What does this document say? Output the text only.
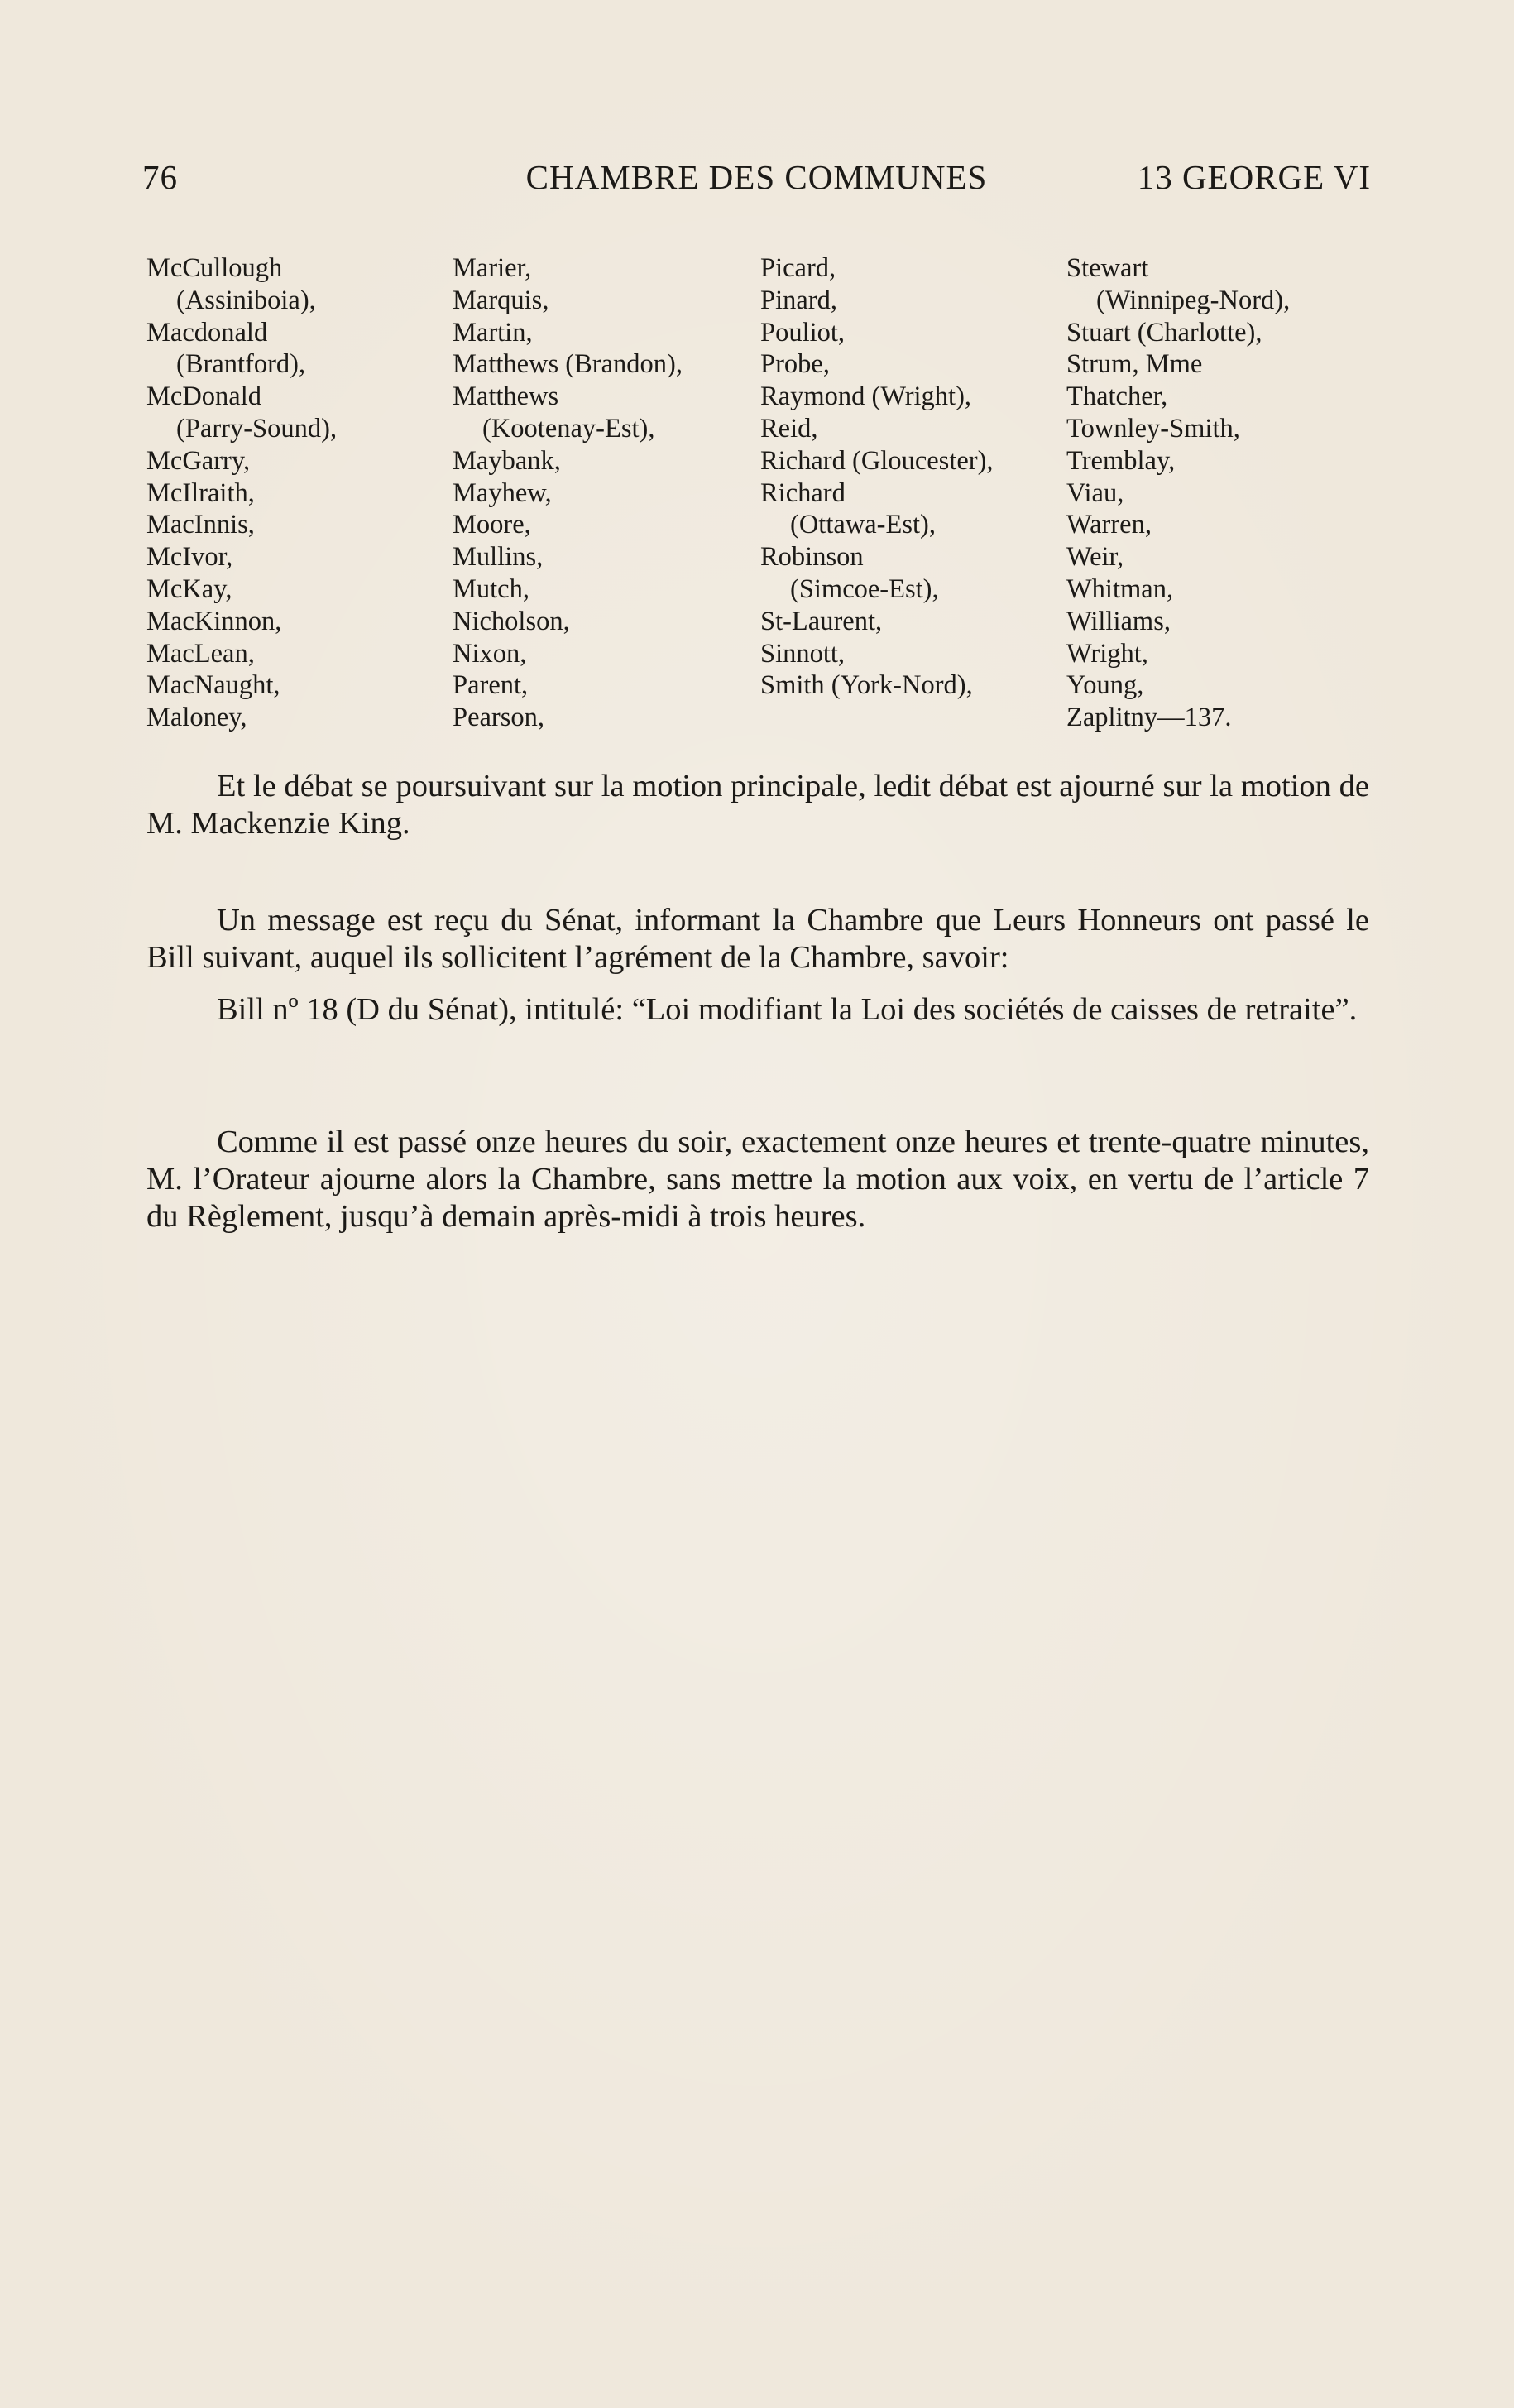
76	CHAMBRE DES COMMUNES	13 GEORGE VI
McCullough
(Assiniboia),
Macdonald
(Brantford),
McDonald
(Parry-Sound),
McGarry,
McIlraith,
MacInnis,
McIvor,
McKay,
MacKinnon,
MacLean,
MacNaught,
Maloney,
Marier,
Marquis,
Martin,
Matthews (Brandon),
Matthews
(Kootenay-Est),
Maybank,
Mayhew,
Moore,
Mullins,
Mutch,
Nicholson,
Nixon,
Parent,
Pearson,
Picard,
Pinard,
Pouliot,
Probe,
Raymond (Wright),
Reid,
Richard (Gloucester),
Richard
(Ottawa-Est),
Robinson
(Simcoe-Est),
St-Laurent,
Sinnott,
Smith (York-Nord),
Stewart
(Winnipeg-Nord),
Stuart (Charlotte),
Strum, Mme
Thatcher,
Townley-Smith,
Tremblay,
Viau,
Warren,
Weir,
Whitman,
Williams,
Wright,
Young,
Zaplitny—137.

Et le débat se poursuivant sur la motion principale, ledit débat est ajourné sur la motion de M. Mackenzie King.

Un message est reçu du Sénat, informant la Chambre que Leurs Honneurs ont passé le Bill suivant, auquel ils sollicitent l’agrément de la Chambre, savoir:

Bill nº 18 (D du Sénat), intitulé: “Loi modifiant la Loi des sociétés de caisses de retraite”.

Comme il est passé onze heures du soir, exactement onze heures et trente-quatre minutes, M. l’Orateur ajourne alors la Chambre, sans mettre la motion aux voix, en vertu de l’article 7 du Règlement, jusqu’à demain après-midi à trois heures.
